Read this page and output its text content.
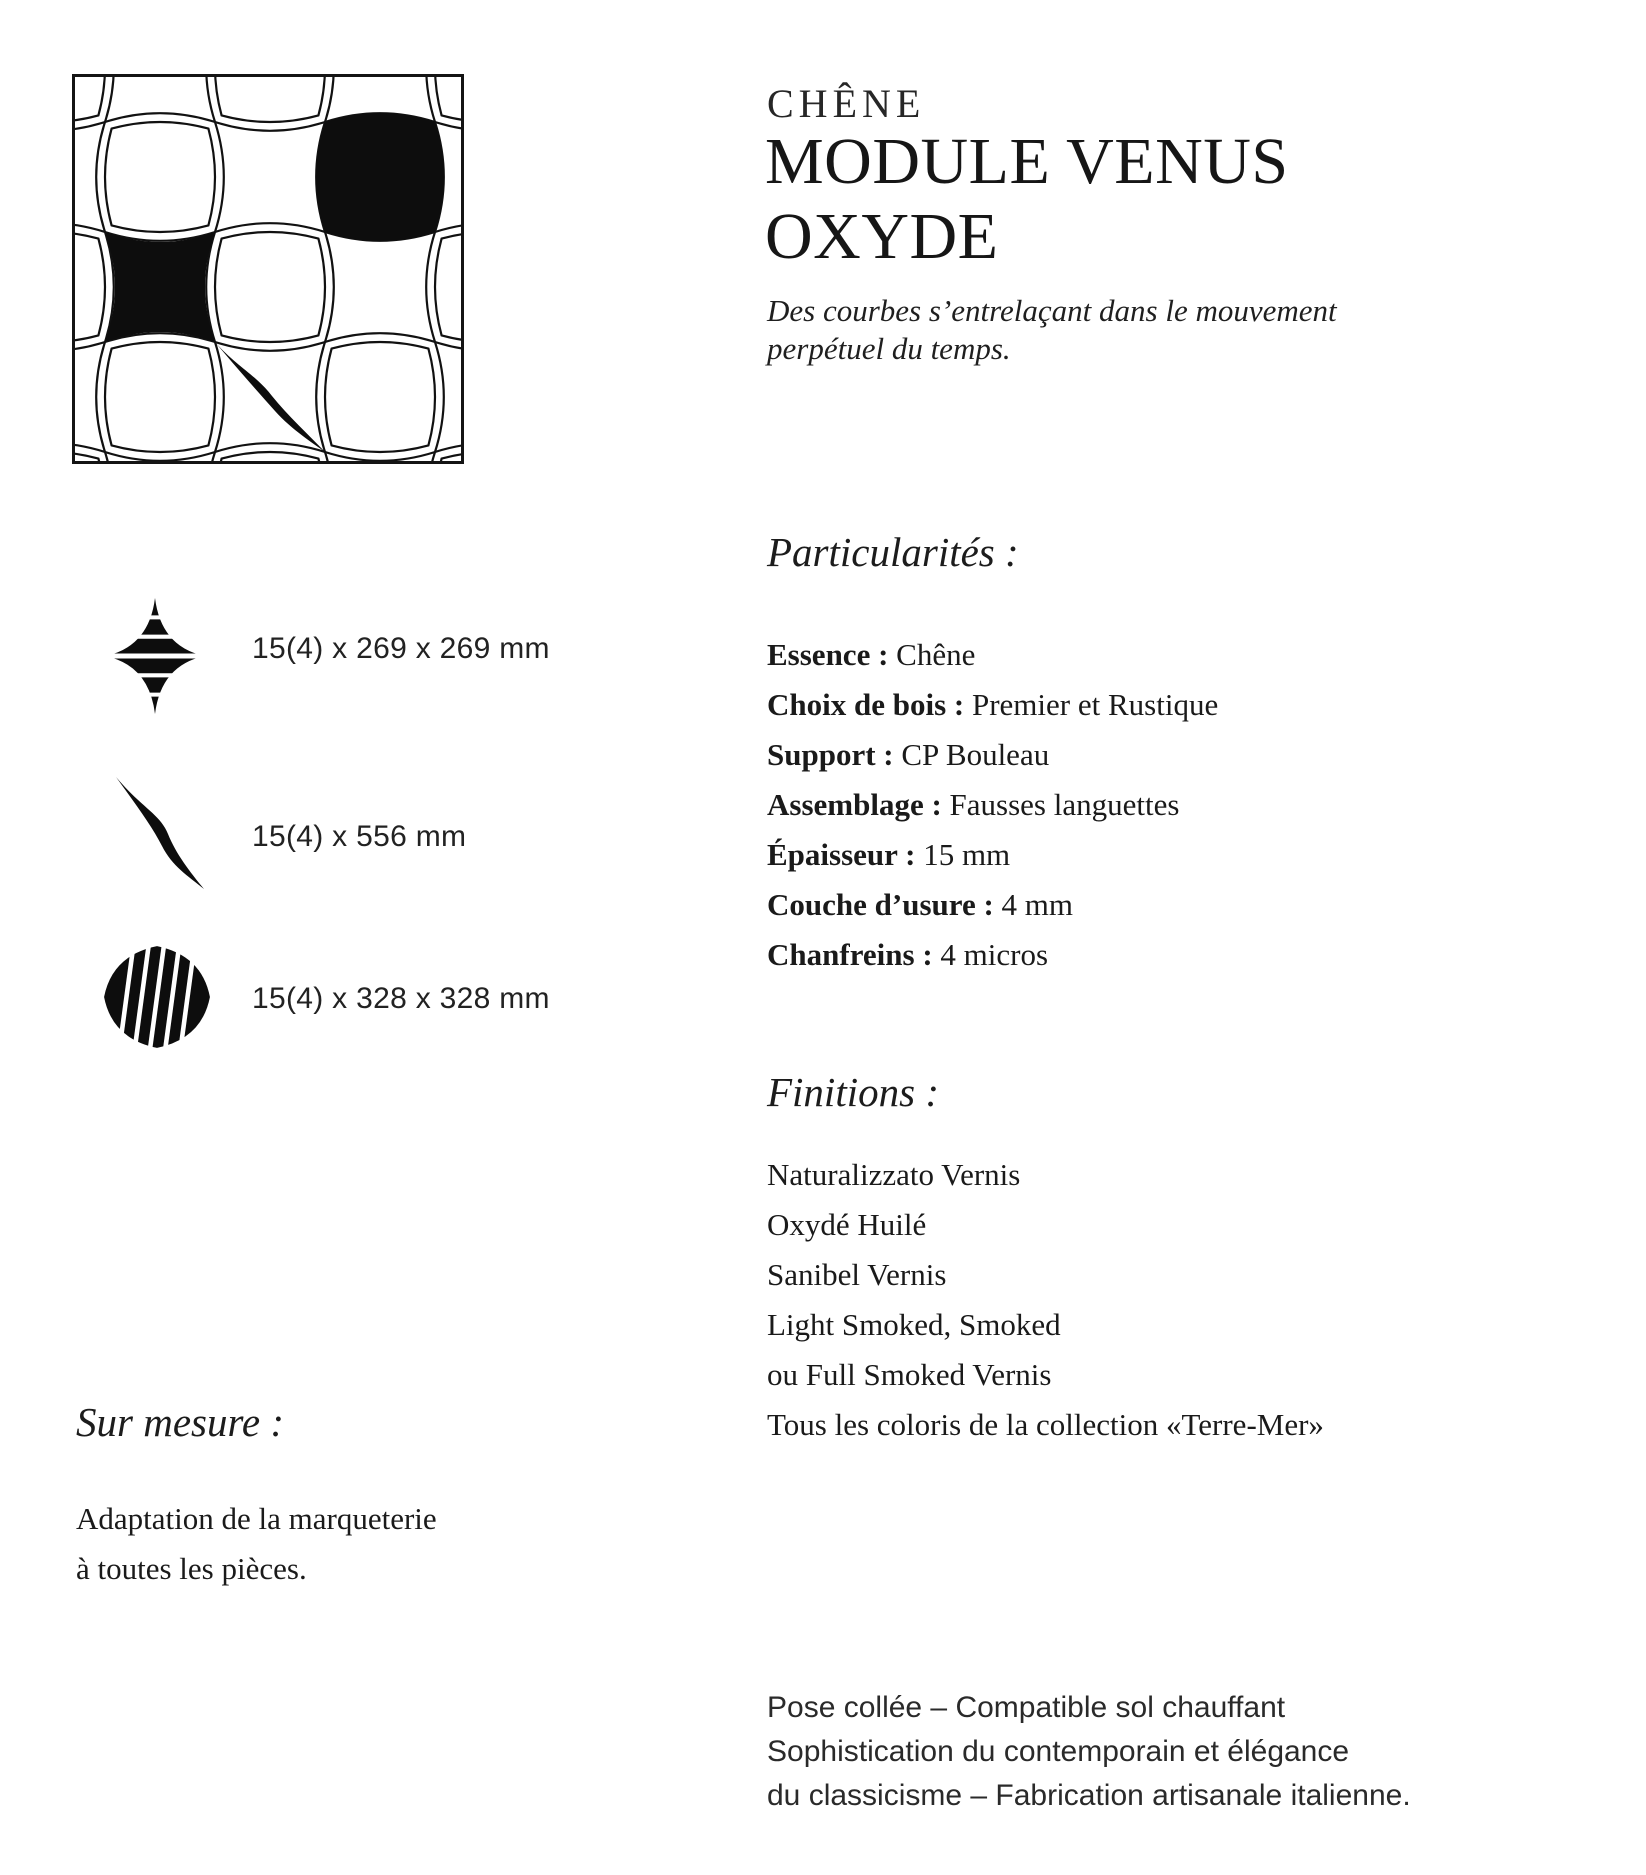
15(4) x 269 x 269 mm
15(4) x 556 mm
15(4) x 328 x 328 mm
CHÊNE
MODULE VENUS
OXYDE
Des courbes s’entrelaçant dans le mouvement
perpétuel du temps.
Particularités :
Essence : Chêne
Choix de bois : Premier et Rustique
Support : CP Bouleau
Assemblage : Fausses languettes
Épaisseur : 15 mm
Couche d’usure : 4 mm
Chanfreins : 4 micros
Finitions :
Naturalizzato Vernis
Oxydé Huilé
Sanibel Vernis
Light Smoked, Smoked
ou Full Smoked Vernis
Tous les coloris de la collection «Terre-Mer»
Sur mesure :
Adaptation de la marqueterie
à toutes les pièces.
Pose collée – Compatible sol chauffant
Sophistication du contemporain et élégance
du classicisme – Fabrication artisanale italienne.
